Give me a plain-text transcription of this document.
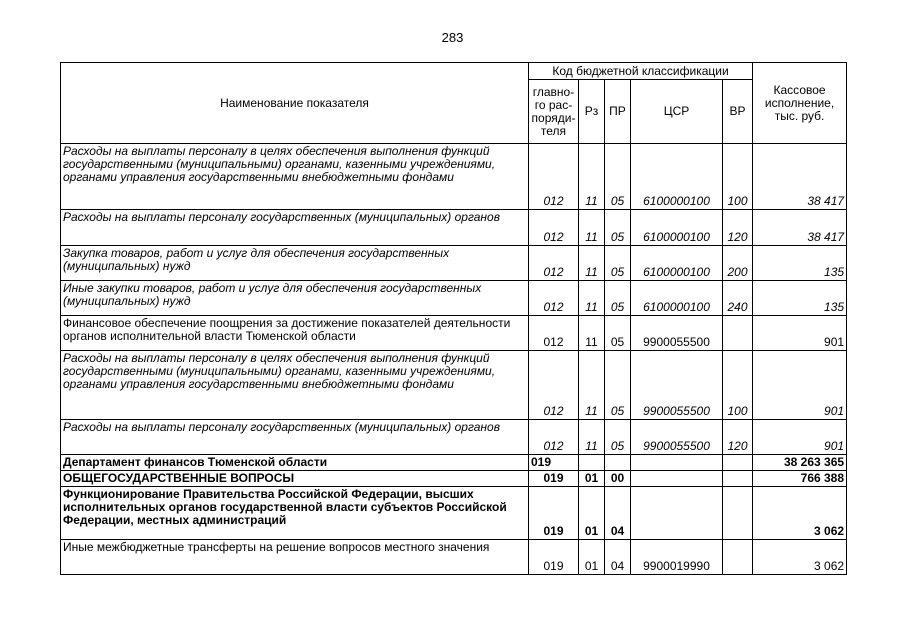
283
Наименование показателя	Код бюджетной классификации					Кассовое исполнение, тыс. руб.
	главно-го рас-поряди-теля	Рз	ПР	ЦСР	ВР	
Расходы на выплаты персоналу в целях обеспечения выполнения функций государственными (муниципальными) органами, казенными учреждениями, органами управления государственными внебюджетными фондами	012	11	05	6100000100	100	38 417
Расходы на выплаты персоналу государственных (муниципальных) органов	012	11	05	6100000100	120	38 417
Закупка товаров, работ и услуг для обеспечения государственных (муниципальных) нужд	012	11	05	6100000100	200	135
Иные закупки товаров, работ и услуг для обеспечения государственных (муниципальных) нужд	012	11	05	6100000100	240	135
Финансовое обеспечение поощрения за достижение показателей деятельности органов исполнительной власти Тюменской области	012	11	05	9900055500		901
Расходы на выплаты персоналу в целях обеспечения выполнения функций государственными (муниципальными) органами, казенными учреждениями, органами управления государственными внебюджетными фондами	012	11	05	9900055500	100	901
Расходы на выплаты персоналу государственных (муниципальных) органов	012	11	05	9900055500	120	901
Департамент финансов Тюменской области	019					38 263 365
ОБЩЕГОСУДАРСТВЕННЫЕ ВОПРОСЫ	019	01	00			766 388
Функционирование Правительства Российской Федерации, высших исполнительных органов государственной власти субъектов Российской Федерации, местных администраций	019	01	04			3 062
Иные межбюджетные трансферты на решение вопросов местного значения	019	01	04	9900019990		3 062
